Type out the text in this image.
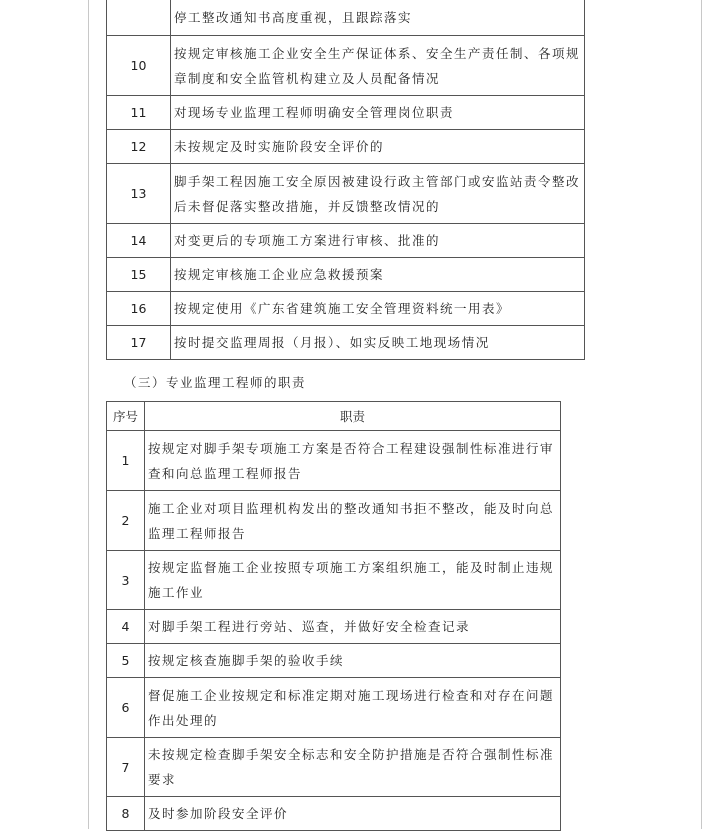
	停工整改通知书高度重视，且跟踪落实
10	按规定审核施工企业安全生产保证体系、安全生产责任制、各项规章制度和安全监管机构建立及人员配备情况
11	对现场专业监理工程师明确安全管理岗位职责
12	未按规定及时实施阶段安全评价的
13	脚手架工程因施工安全原因被建设行政主管部门或安监站责令整改后未督促落实整改措施，并反馈整改情况的
14	对变更后的专项施工方案进行审核、批准的
15	按规定审核施工企业应急救援预案
16	按规定使用《广东省建筑施工安全管理资料统一用表》
17	按时提交监理周报（月报）、如实反映工地现场情况
（三）专业监理工程师的职责
序号	职责
1	按规定对脚手架专项施工方案是否符合工程建设强制性标准进行审查和向总监理工程师报告
2	施工企业对项目监理机构发出的整改通知书拒不整改，能及时向总监理工程师报告
3	按规定监督施工企业按照专项施工方案组织施工，能及时制止违规施工作业
4	对脚手架工程进行旁站、巡查，并做好安全检查记录
5	按规定核查施脚手架的验收手续
6	督促施工企业按规定和标准定期对施工现场进行检查和对存在问题作出处理的
7	未按规定检查脚手架安全标志和安全防护措施是否符合强制性标准要求
8	及时参加阶段安全评价
